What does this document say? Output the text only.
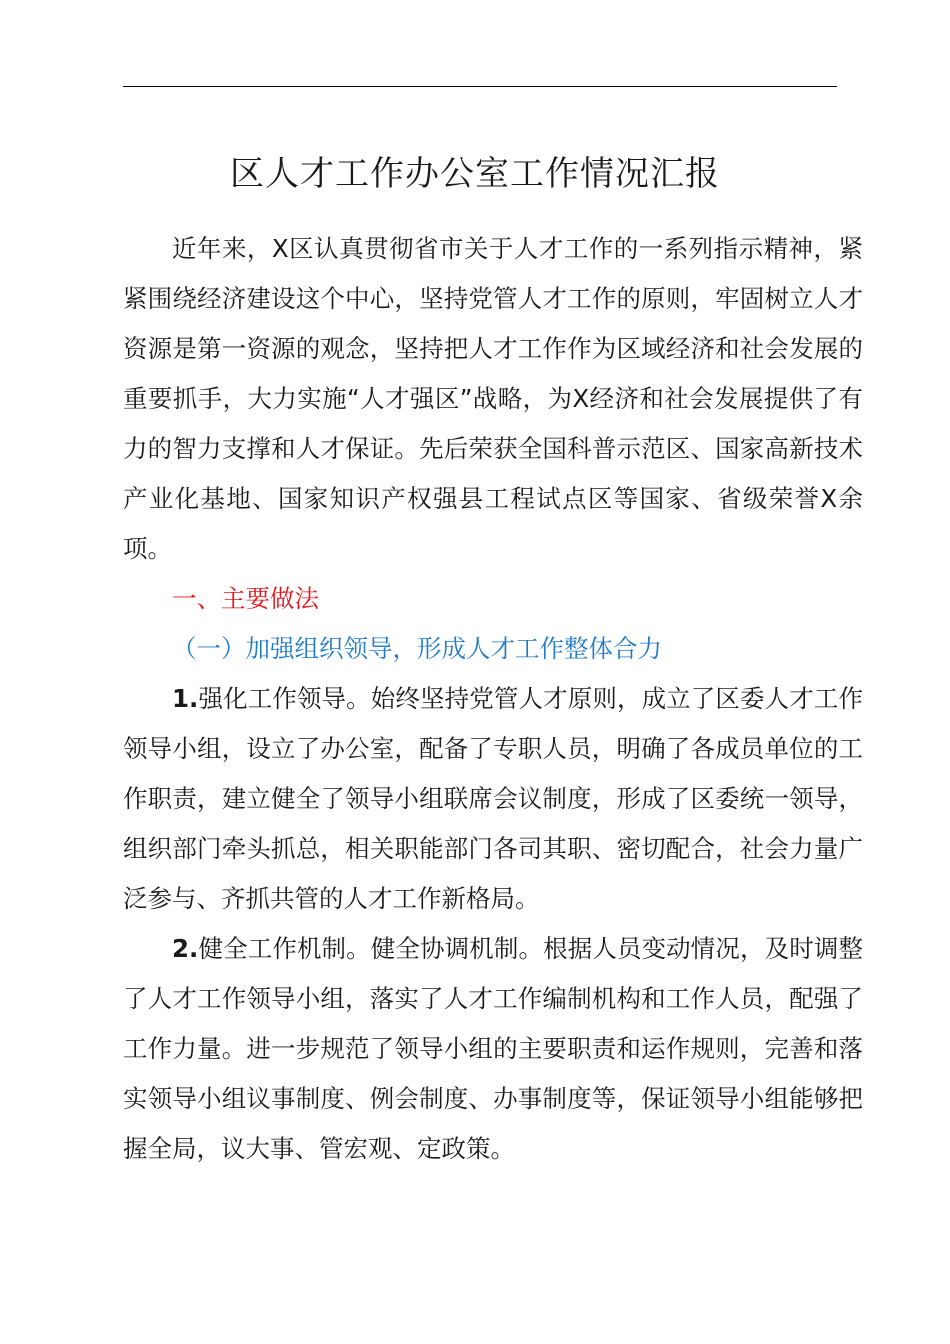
区人才工作办公室工作情况汇报

近年来，X区认真贯彻省市关于人才工作的一系列指示精神，紧紧围绕经济建设这个中心，坚持党管人才工作的原则，牢固树立人才资源是第一资源的观念，坚持把人才工作作为区域经济和社会发展的重要抓手，大力实施“人才强区”战略，为X经济和社会发展提供了有力的智力支撑和人才保证。先后荣获全国科普示范区、国家高新技术产业化基地、国家知识产权强县工程试点区等国家、省级荣誉X余项。

一、主要做法

（一）加强组织领导，形成人才工作整体合力

1.强化工作领导。始终坚持党管人才原则，成立了区委人才工作领导小组，设立了办公室，配备了专职人员，明确了各成员单位的工作职责，建立健全了领导小组联席会议制度，形成了区委统一领导，组织部门牵头抓总，相关职能部门各司其职、密切配合，社会力量广泛参与、齐抓共管的人才工作新格局。

2.健全工作机制。健全协调机制。根据人员变动情况，及时调整了人才工作领导小组，落实了人才工作编制机构和工作人员，配强了工作力量。进一步规范了领导小组的主要职责和运作规则，完善和落实领导小组议事制度、例会制度、办事制度等，保证领导小组能够把握全局，议大事、管宏观、定政策。
